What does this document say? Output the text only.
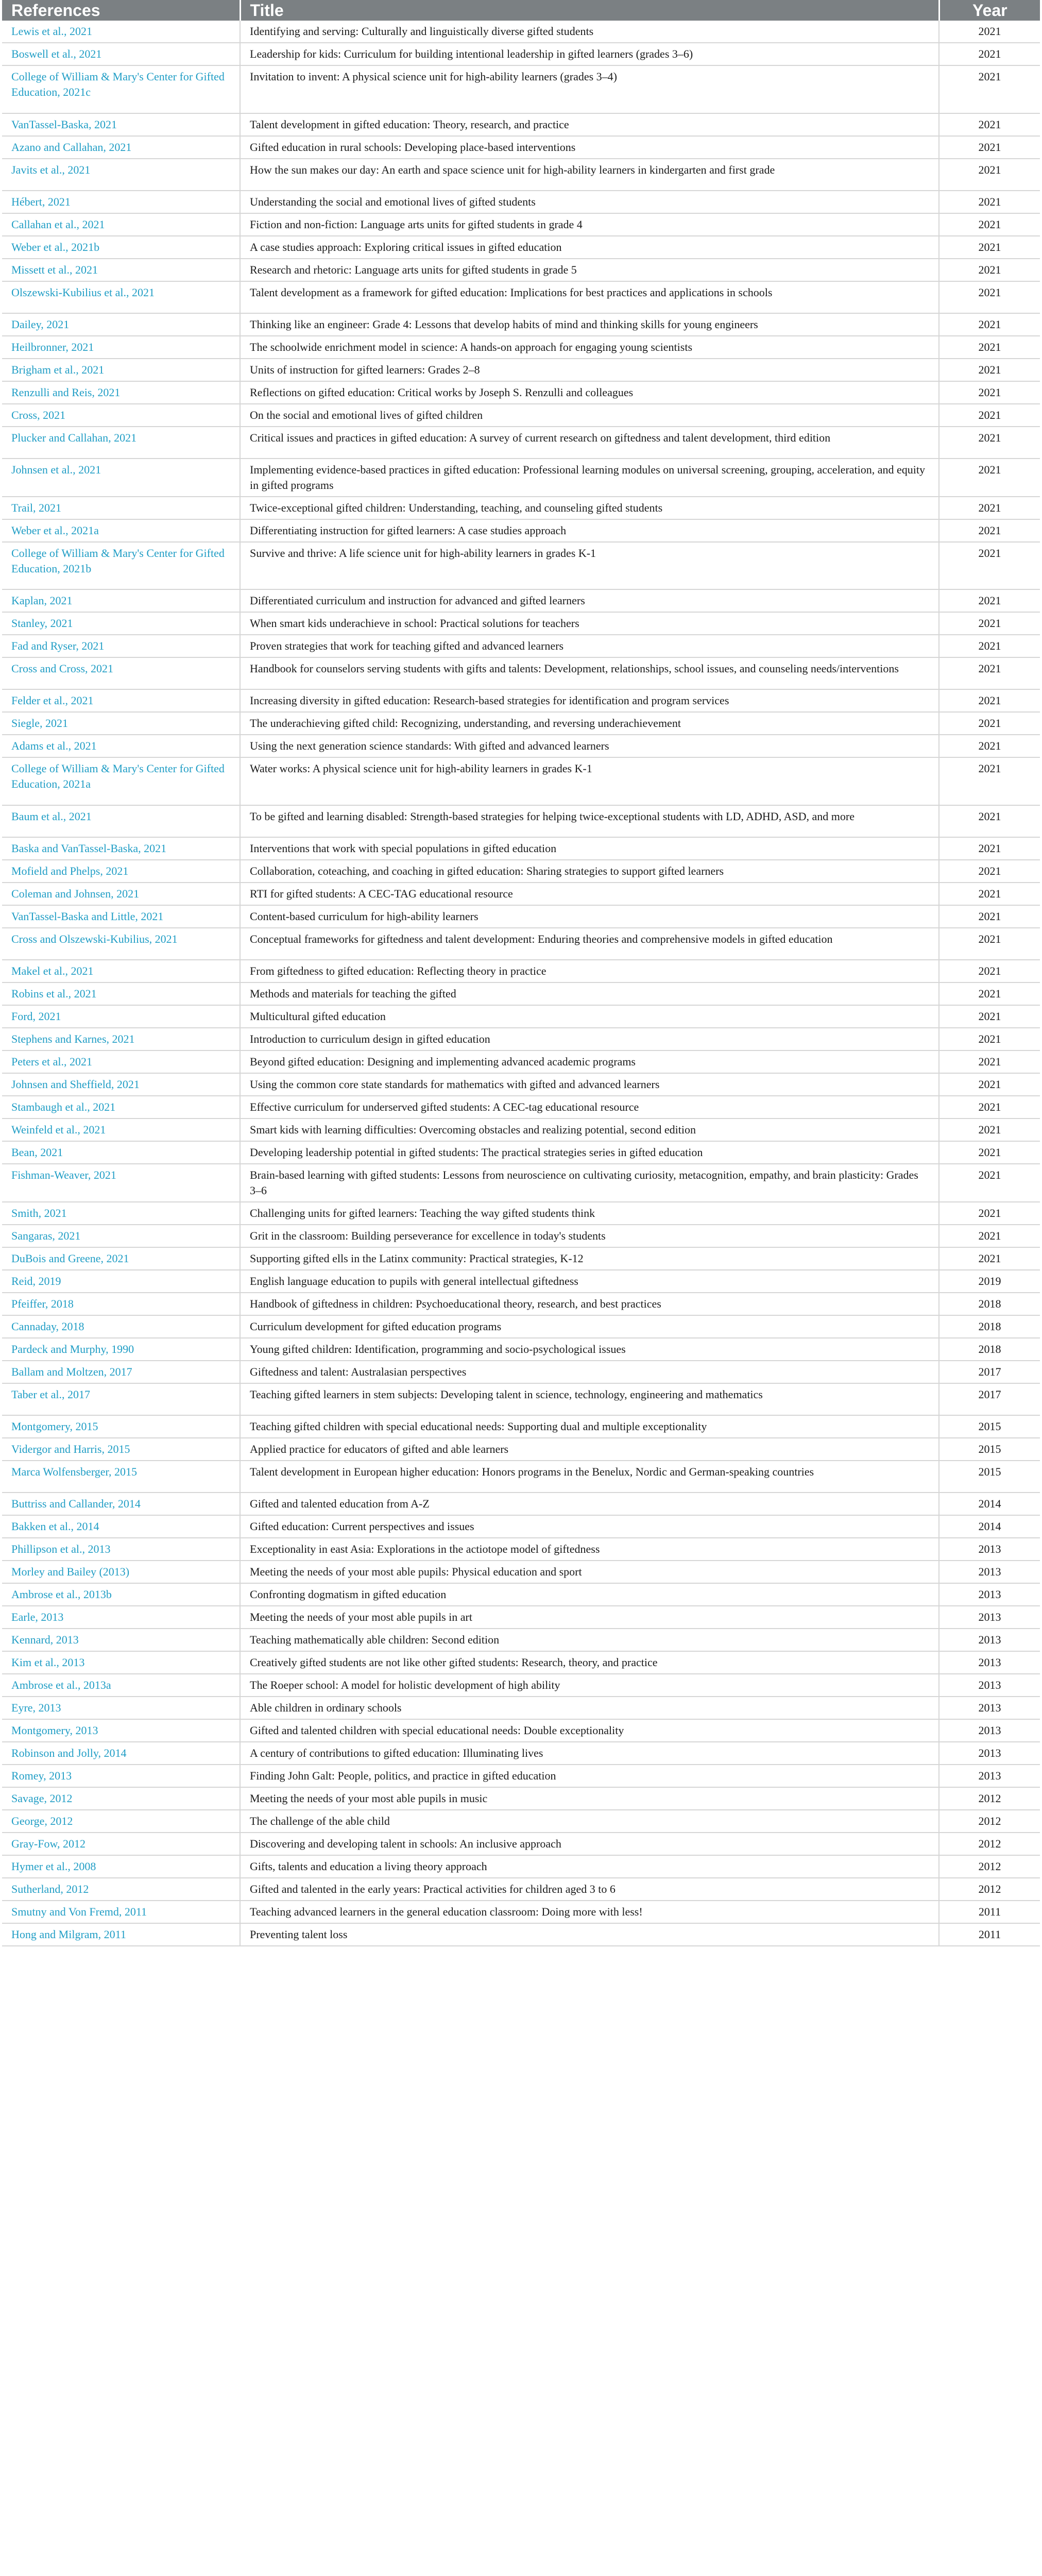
References	Title	Year
Lewis et al., 2021	Identifying and serving: Culturally and linguistically diverse gifted students	2021
Boswell et al., 2021	Leadership for kids: Curriculum for building intentional leadership in gifted learners (grades 3–6)	2021
College of William & Mary's Center for Gifted Education, 2021c	Invitation to invent: A physical science unit for high-ability learners (grades 3–4)	2021
VanTassel-Baska, 2021	Talent development in gifted education: Theory, research, and practice	2021
Azano and Callahan, 2021	Gifted education in rural schools: Developing place-based interventions	2021
Javits et al., 2021	How the sun makes our day: An earth and space science unit for high-ability learners in kindergarten and first grade	2021
Hébert, 2021	Understanding the social and emotional lives of gifted students	2021
Callahan et al., 2021	Fiction and non-fiction: Language arts units for gifted students in grade 4	2021
Weber et al., 2021b	A case studies approach: Exploring critical issues in gifted education	2021
Missett et al., 2021	Research and rhetoric: Language arts units for gifted students in grade 5	2021
Olszewski-Kubilius et al., 2021	Talent development as a framework for gifted education: Implications for best practices and applications in schools	2021
Dailey, 2021	Thinking like an engineer: Grade 4: Lessons that develop habits of mind and thinking skills for young engineers	2021
Heilbronner, 2021	The schoolwide enrichment model in science: A hands-on approach for engaging young scientists	2021
Brigham et al., 2021	Units of instruction for gifted learners: Grades 2–8	2021
Renzulli and Reis, 2021	Reflections on gifted education: Critical works by Joseph S. Renzulli and colleagues	2021
Cross, 2021	On the social and emotional lives of gifted children	2021
Plucker and Callahan, 2021	Critical issues and practices in gifted education: A survey of current research on giftedness and talent development, third edition	2021
Johnsen et al., 2021	Implementing evidence-based practices in gifted education: Professional learning modules on universal screening, grouping, acceleration, and equity in gifted programs	2021
Trail, 2021	Twice-exceptional gifted children: Understanding, teaching, and counseling gifted students	2021
Weber et al., 2021a	Differentiating instruction for gifted learners: A case studies approach	2021
College of William & Mary's Center for Gifted Education, 2021b	Survive and thrive: A life science unit for high-ability learners in grades K-1	2021
Kaplan, 2021	Differentiated curriculum and instruction for advanced and gifted learners	2021
Stanley, 2021	When smart kids underachieve in school: Practical solutions for teachers	2021
Fad and Ryser, 2021	Proven strategies that work for teaching gifted and advanced learners	2021
Cross and Cross, 2021	Handbook for counselors serving students with gifts and talents: Development, relationships, school issues, and counseling needs/interventions	2021
Felder et al., 2021	Increasing diversity in gifted education: Research-based strategies for identification and program services	2021
Siegle, 2021	The underachieving gifted child: Recognizing, understanding, and reversing underachievement	2021
Adams et al., 2021	Using the next generation science standards: With gifted and advanced learners	2021
College of William & Mary's Center for Gifted Education, 2021a	Water works: A physical science unit for high-ability learners in grades K-1	2021
Baum et al., 2021	To be gifted and learning disabled: Strength-based strategies for helping twice-exceptional students with LD, ADHD, ASD, and more	2021
Baska and VanTassel-Baska, 2021	Interventions that work with special populations in gifted education	2021
Mofield and Phelps, 2021	Collaboration, coteaching, and coaching in gifted education: Sharing strategies to support gifted learners	2021
Coleman and Johnsen, 2021	RTI for gifted students: A CEC-TAG educational resource	2021
VanTassel-Baska and Little, 2021	Content-based curriculum for high-ability learners	2021
Cross and Olszewski-Kubilius, 2021	Conceptual frameworks for giftedness and talent development: Enduring theories and comprehensive models in gifted education	2021
Makel et al., 2021	From giftedness to gifted education: Reflecting theory in practice	2021
Robins et al., 2021	Methods and materials for teaching the gifted	2021
Ford, 2021	Multicultural gifted education	2021
Stephens and Karnes, 2021	Introduction to curriculum design in gifted education	2021
Peters et al., 2021	Beyond gifted education: Designing and implementing advanced academic programs	2021
Johnsen and Sheffield, 2021	Using the common core state standards for mathematics with gifted and advanced learners	2021
Stambaugh et al., 2021	Effective curriculum for underserved gifted students: A CEC-tag educational resource	2021
Weinfeld et al., 2021	Smart kids with learning difficulties: Overcoming obstacles and realizing potential, second edition	2021
Bean, 2021	Developing leadership potential in gifted students: The practical strategies series in gifted education	2021
Fishman-Weaver, 2021	Brain-based learning with gifted students: Lessons from neuroscience on cultivating curiosity, metacognition, empathy, and brain plasticity: Grades 3–6	2021
Smith, 2021	Challenging units for gifted learners: Teaching the way gifted students think	2021
Sangaras, 2021	Grit in the classroom: Building perseverance for excellence in today's students	2021
DuBois and Greene, 2021	Supporting gifted ells in the Latinx community: Practical strategies, K-12	2021
Reid, 2019	English language education to pupils with general intellectual giftedness	2019
Pfeiffer, 2018	Handbook of giftedness in children: Psychoeducational theory, research, and best practices	2018
Cannaday, 2018	Curriculum development for gifted education programs	2018
Pardeck and Murphy, 1990	Young gifted children: Identification, programming and socio-psychological issues	2018
Ballam and Moltzen, 2017	Giftedness and talent: Australasian perspectives	2017
Taber et al., 2017	Teaching gifted learners in stem subjects: Developing talent in science, technology, engineering and mathematics	2017
Montgomery, 2015	Teaching gifted children with special educational needs: Supporting dual and multiple exceptionality	2015
Vidergor and Harris, 2015	Applied practice for educators of gifted and able learners	2015
Marca Wolfensberger, 2015	Talent development in European higher education: Honors programs in the Benelux, Nordic and German-speaking countries	2015
Buttriss and Callander, 2014	Gifted and talented education from A-Z	2014
Bakken et al., 2014	Gifted education: Current perspectives and issues	2014
Phillipson et al., 2013	Exceptionality in east Asia: Explorations in the actiotope model of giftedness	2013
Morley and Bailey (2013)	Meeting the needs of your most able pupils: Physical education and sport	2013
Ambrose et al., 2013b	Confronting dogmatism in gifted education	2013
Earle, 2013	Meeting the needs of your most able pupils in art	2013
Kennard, 2013	Teaching mathematically able children: Second edition	2013
Kim et al., 2013	Creatively gifted students are not like other gifted students: Research, theory, and practice	2013
Ambrose et al., 2013a	The Roeper school: A model for holistic development of high ability	2013
Eyre, 2013	Able children in ordinary schools	2013
Montgomery, 2013	Gifted and talented children with special educational needs: Double exceptionality	2013
Robinson and Jolly, 2014	A century of contributions to gifted education: Illuminating lives	2013
Romey, 2013	Finding John Galt: People, politics, and practice in gifted education	2013
Savage, 2012	Meeting the needs of your most able pupils in music	2012
George, 2012	The challenge of the able child	2012
Gray-Fow, 2012	Discovering and developing talent in schools: An inclusive approach	2012
Hymer et al., 2008	Gifts, talents and education a living theory approach	2012
Sutherland, 2012	Gifted and talented in the early years: Practical activities for children aged 3 to 6	2012
Smutny and Von Fremd, 2011	Teaching advanced learners in the general education classroom: Doing more with less!	2011
Hong and Milgram, 2011	Preventing talent loss	2011
